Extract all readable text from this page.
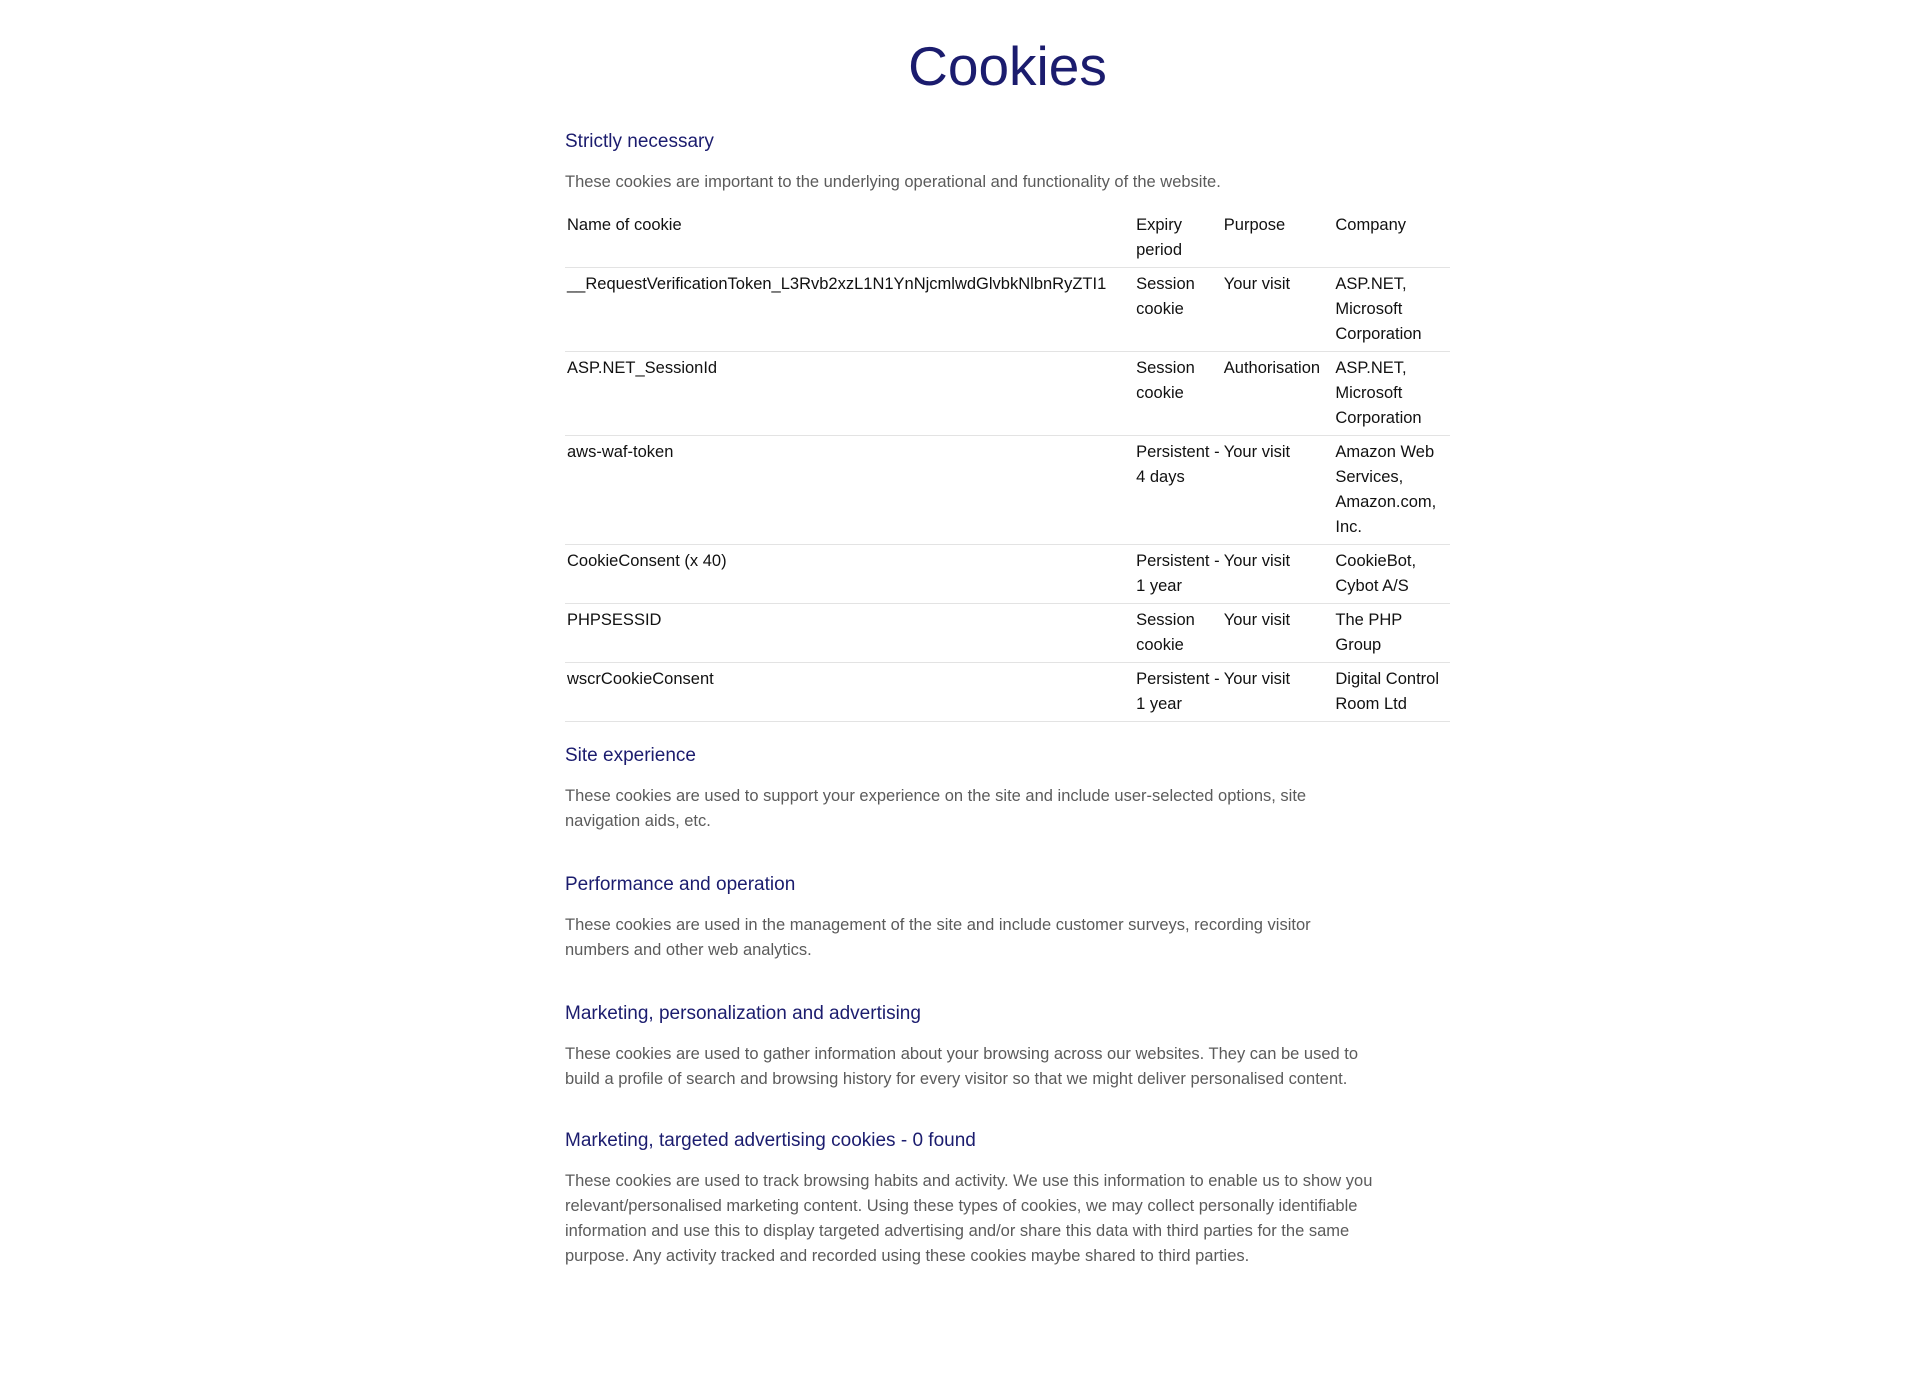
Cookies
Strictly necessary

These cookies are important to the underlying operational and functionality of the website.

Name of cookie	Expiry period	Purpose	Company
__RequestVerificationToken_L3Rvb2xzL1N1YnNjcmlwdGlvbkNlbnRyZTI1	Session cookie	Your visit	ASP.NET, Microsoft Corporation
ASP.NET_SessionId	Session cookie	Authorisation	ASP.NET, Microsoft Corporation
aws-waf-token	Persistent - 4 days	Your visit	Amazon Web Services, Amazon.com, Inc.
CookieConsent (x 40)	Persistent - 1 year	Your visit	CookieBot, Cybot A/S
PHPSESSID	Session cookie	Your visit	The PHP Group
wscrCookieConsent	Persistent - 1 year	Your visit	Digital Control Room Ltd
Site experience

These cookies are used to support your experience on the site and include user-selected options, site navigation aids, etc.

Performance and operation

These cookies are used in the management of the site and include customer surveys, recording visitor numbers and other web analytics.

Marketing, personalization and advertising

These cookies are used to gather information about your browsing across our websites. They can be used to build a profile of search and browsing history for every visitor so that we might deliver personalised content.

Marketing, targeted advertising cookies - 0 found

These cookies are used to track browsing habits and activity. We use this information to enable us to show you relevant/personalised marketing content. Using these types of cookies, we may collect personally identifiable information and use this to display targeted advertising and/or share this data with third parties for the same purpose. Any activity tracked and recorded using these cookies maybe shared to third parties.
